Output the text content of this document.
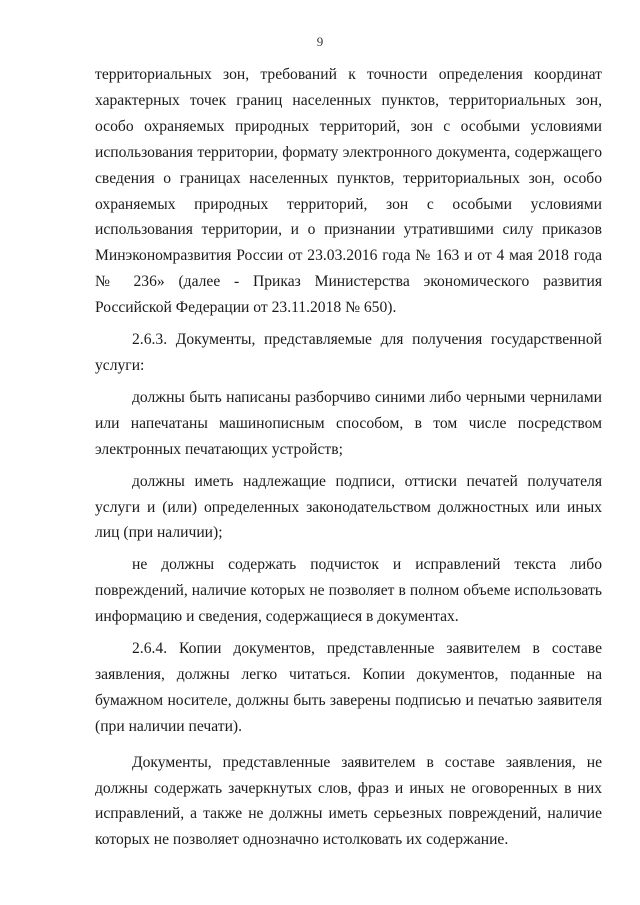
9

территориальных зон, требований к точности определения координат характерных точек границ населенных пунктов, территориальных зон, особо охраняемых природных территорий, зон с особыми условиями использования территории, формату электронного документа, содержащего сведения о границах населенных пунктов, территориальных зон, особо охраняемых природных территорий, зон с особыми условиями использования территории, и о признании утратившими силу приказов Минэкономразвития России от 23.03.2016 года № 163 и от 4 мая 2018 года № 236» (далее - Приказ Министерства экономического развития Российской Федерации от 23.11.2018 № 650).

2.6.3. Документы, представляемые для получения государственной услуги:

должны быть написаны разборчиво синими либо черными чернилами или напечатаны машинописным способом, в том числе посредством электронных печатающих устройств;

должны иметь надлежащие подписи, оттиски печатей получателя услуги и (или) определенных законодательством должностных или иных лиц (при наличии);

не должны содержать подчисток и исправлений текста либо повреждений, наличие которых не позволяет в полном объеме использовать информацию и сведения, содержащиеся в документах.

2.6.4. Копии документов, представленные заявителем в составе заявления, должны легко читаться. Копии документов, поданные на бумажном носителе, должны быть заверены подписью и печатью заявителя (при наличии печати).

Документы, представленные заявителем в составе заявления, не должны содержать зачеркнутых слов, фраз и иных не оговоренных в них исправлений, а также не должны иметь серьезных повреждений, наличие которых не позволяет однозначно истолковать их содержание.
